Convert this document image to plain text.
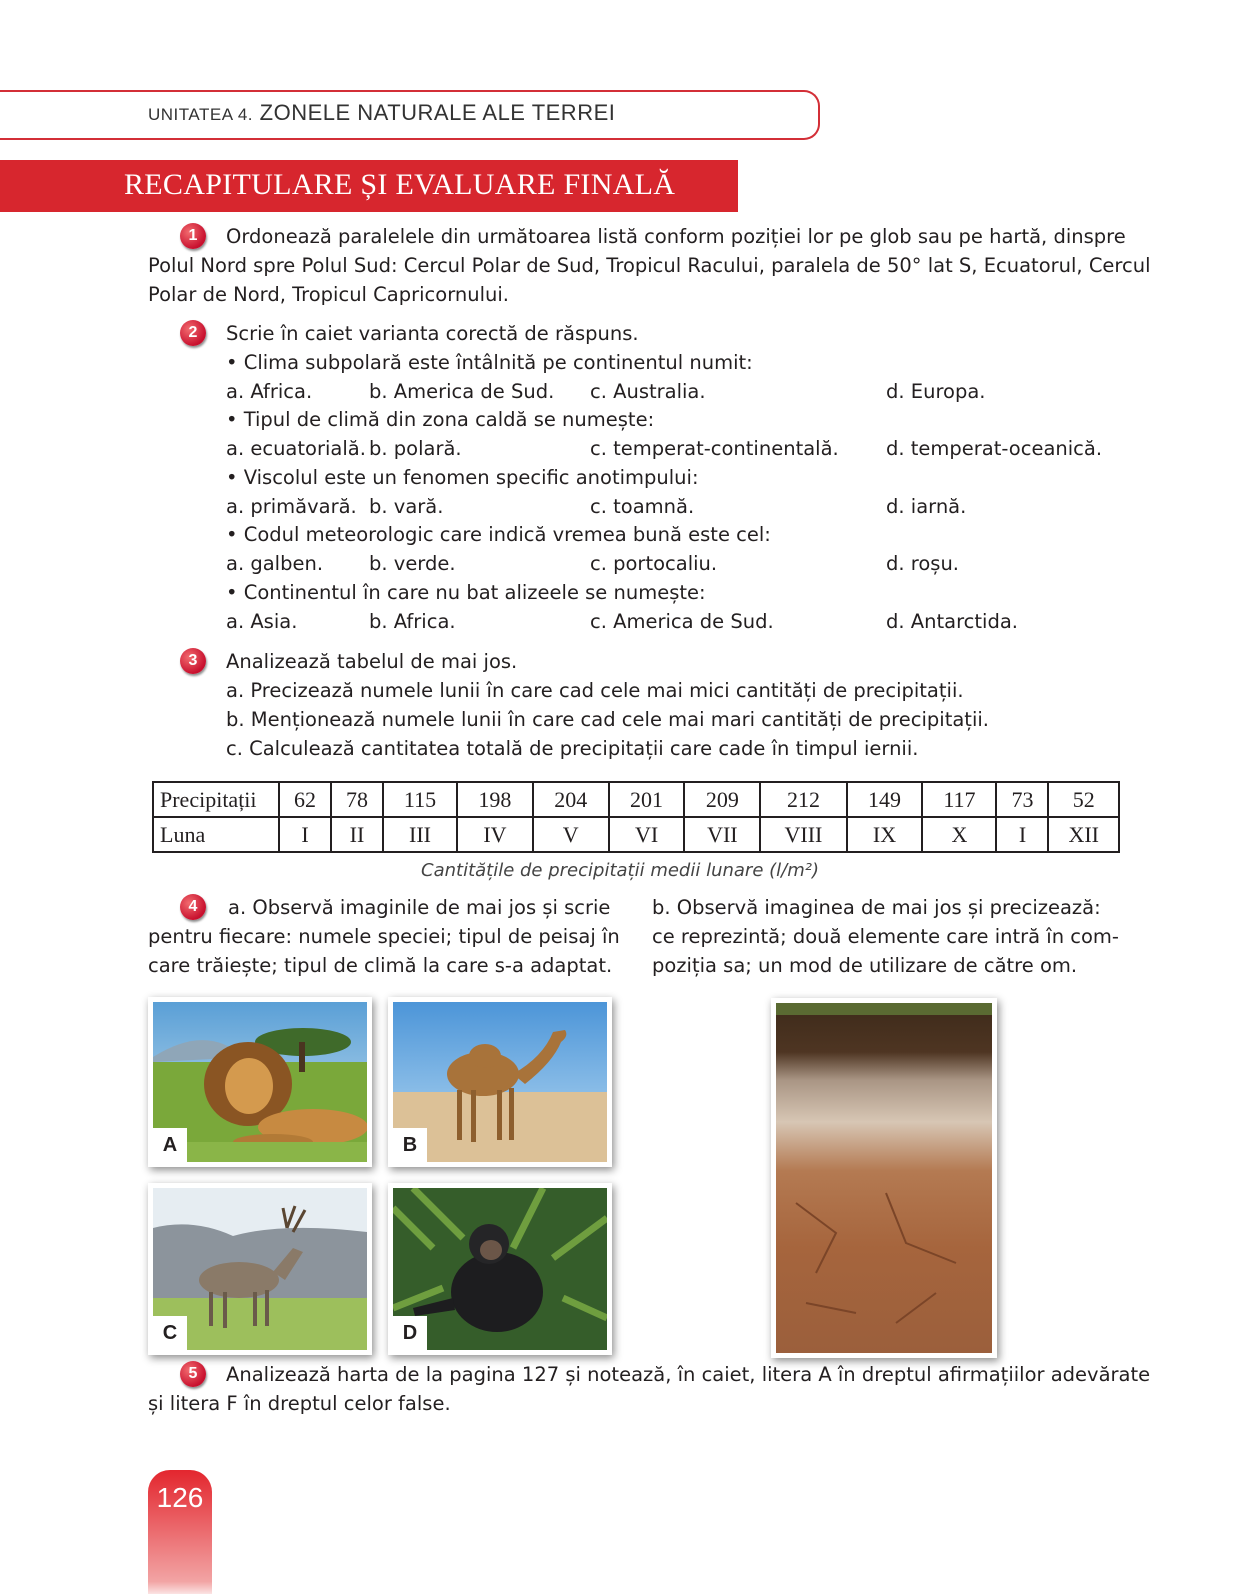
UNITATEA 4. ZONELE NATURALE ALE TERREI
RECAPITULARE ȘI EVALUARE FINALĂ
1	Ordonează paralelele din următoarea listă conform poziției lor pe glob sau pe hartă, dinspre
Polul Nord spre Polul Sud: Cercul Polar de Sud, Tropicul Racului, paralela de 50° lat S, Ecuatorul, Cercul
Polar de Nord, Tropicul Capricornului.
2	Scrie în caiet varianta corectă de răspuns.
• Clima subpolară este întâlnită pe continentul numit:
a. Africa.	b. America de Sud. c. Australia.	d. Europa.
• Tipul de climă din zona caldă se numește:
a. ecuatorială. b. polară.	c. temperat-continentală. d. temperat-oceanică.
• Viscolul este un fenomen specific anotimpului:
a. primăvară. b. vară.	c. toamnă.	d. iarnă.
• Codul meteorologic care indică vremea bună este cel:
a. galben. b. verde.	c. portocaliu.	d. roșu.
• Continentul în care nu bat alizeele se numește:
a. Asia.	b. Africa.	c. America de Sud.	d. Antarctida.
3	Analizează tabelul de mai jos.
a. Precizează numele lunii în care cad cele mai mici cantități de precipitații.
b. Menționează numele lunii în care cad cele mai mari cantități de precipitații.
c. Calculează cantitatea totală de precipitații care cade în timpul iernii.
Precipitații	62	78	115	198	204	201	209	212	149	117	73	52
Luna	I	II	III	IV	V	VI	VII	VIII	IX	X	I	XII
Cantitățile de precipitații medii lunare (l/m²)
4	a. Observă imaginile de mai jos și scrie
pentru fiecare: numele speciei; tipul de peisaj în
care trăiește; tipul de climă la care s-a adaptat.
b. Observă imaginea de mai jos și precizează:
ce reprezintă; două elemente care intră în com-
poziția sa; un mod de utilizare de către om.
A	B
C	D
5	Analizează harta de la pagina 127 și notează, în caiet, litera A în dreptul afirmațiilor adevărate
și litera F în dreptul celor false.
126
